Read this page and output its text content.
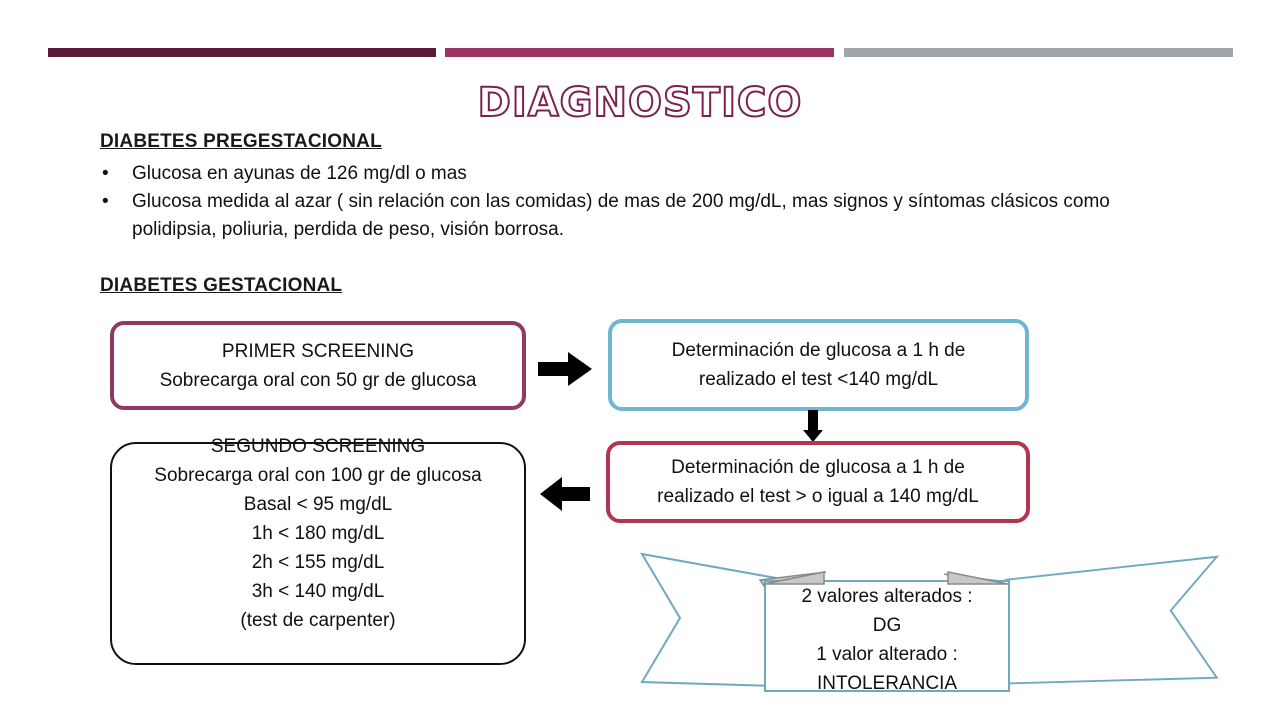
DIAGNOSTICO
DIABETES PREGESTACIONAL
• Glucosa en ayunas de 126 mg/dl o mas
• Glucosa medida al azar ( sin relación con las comidas) de mas de 200 mg/dL, mas signos y síntomas clásicos como polidipsia, poliuria, perdida de peso, visión borrosa.
DIABETES GESTACIONAL
PRIMER SCREENING
Sobrecarga oral con 50 gr de glucosa
Determinación de glucosa a 1 h de realizado el test <140 mg/dL
Determinación de glucosa a 1 h de realizado el test > o igual a 140 mg/dL
SEGUNDO SCREENING
Sobrecarga oral con 100 gr de glucosa
Basal < 95 mg/dL
1h < 180 mg/dL
2h < 155 mg/dL
3h < 140 mg/dL
(test de carpenter)
2 valores alterados :
DG
1 valor alterado :
INTOLERANCIA
